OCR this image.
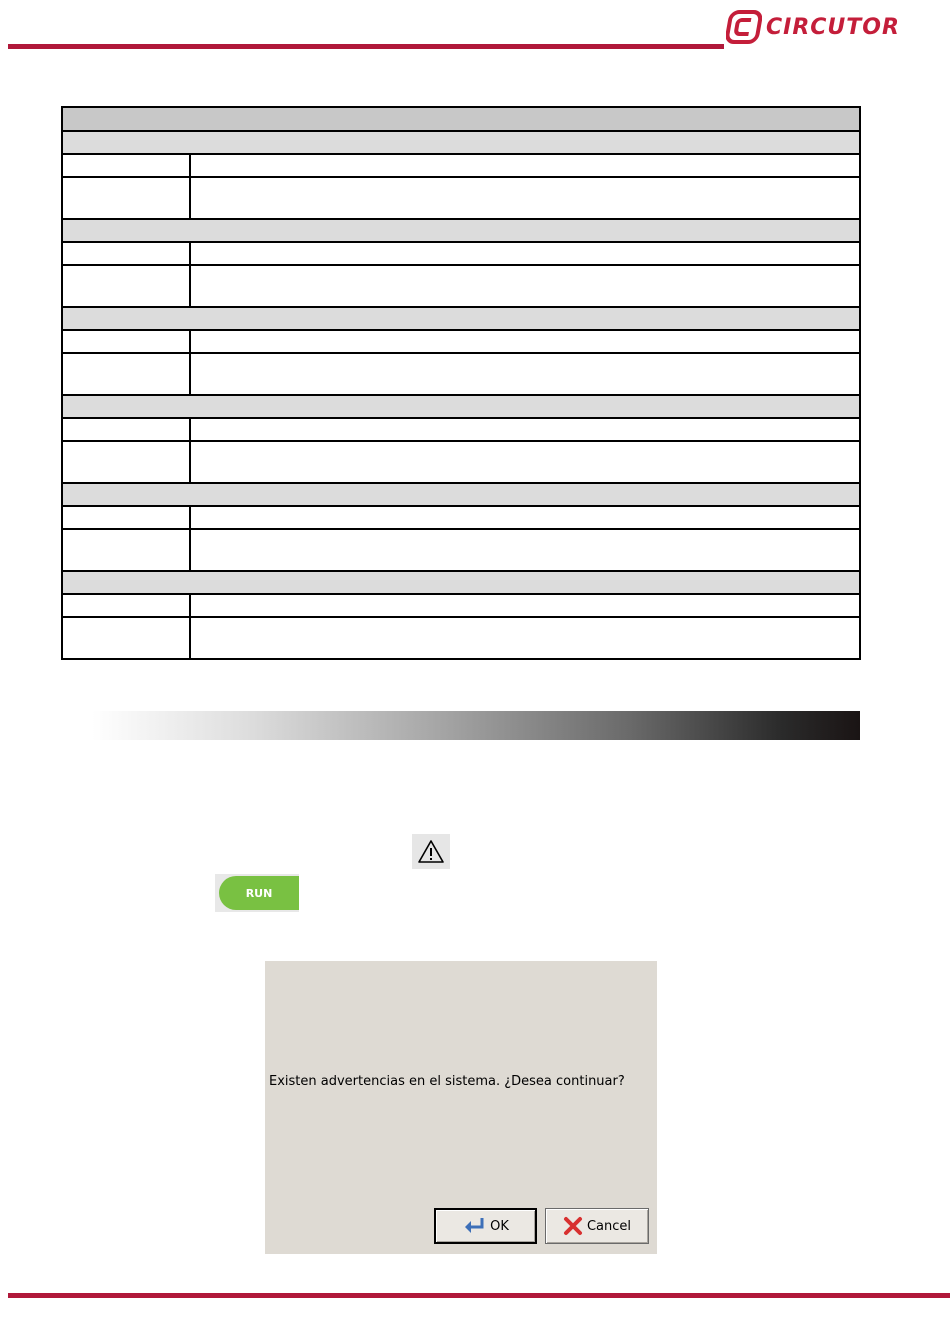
CIRCUTOR

RUN
Existen advertencias en el sistema. ¿Desea continuar?
OK	Cancel
